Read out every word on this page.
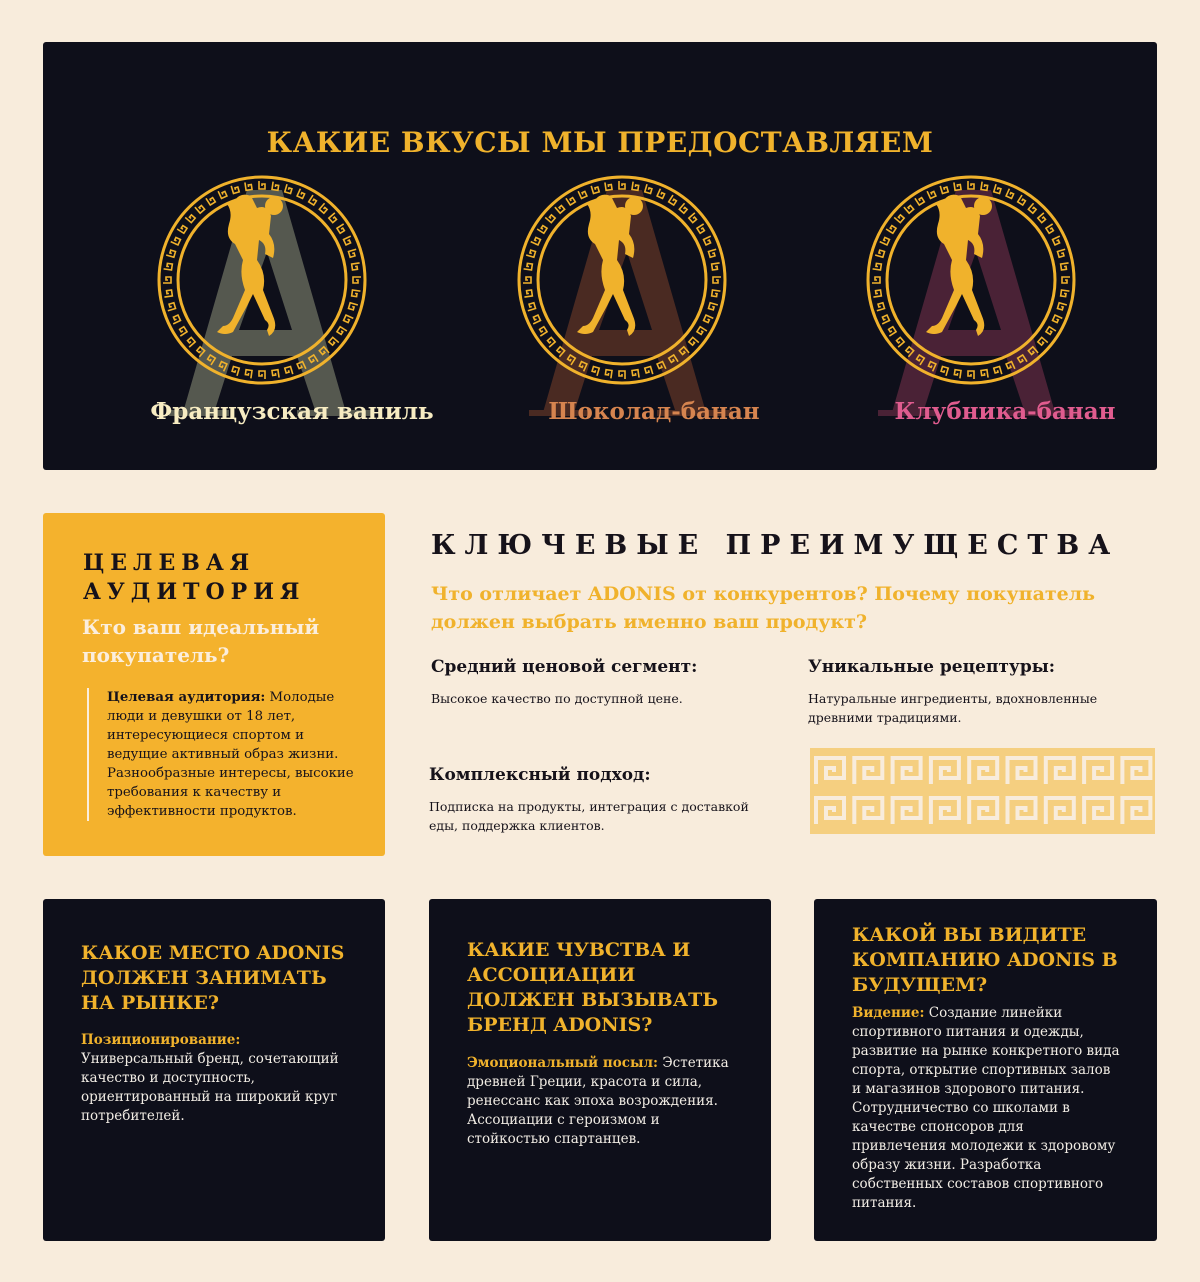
КАКИЕ ВКУСЫ МЫ ПРЕДОСТАВЛЯЕМ
Французская ваниль	Шоколад-банан	Клубника-банан
ЦЕЛЕВАЯ АУДИТОРИЯ
Кто ваш идеальный покупатель?
Целевая аудитория: Молодые люди и девушки от 18 лет, интересующиеся спортом и ведущие активный образ жизни. Разнообразные интересы, высокие требования к качеству и эффективности продуктов.
КЛЮЧЕВЫЕ ПРЕИМУЩЕСТВА
Что отличает ADONIS от конкурентов? Почему покупатель должен выбрать именно ваш продукт?
Средний ценовой сегмент:
Высокое качество по доступной цене.
Уникальные рецептуры:
Натуральные ингредиенты, вдохновленные древними традициями.
Комплексный подход:
Подписка на продукты, интеграция с доставкой еды, поддержка клиентов.
КАКОЕ МЕСТО ADONIS ДОЛЖЕН ЗАНИМАТЬ НА РЫНКЕ?
Позиционирование:
Универсальный бренд, сочетающий качество и доступность, ориентированный на широкий круг потребителей.
КАКИЕ ЧУВСТВА И АССОЦИАЦИИ ДОЛЖЕН ВЫЗЫВАТЬ БРЕНД ADONIS?
Эмоциональный посыл: Эстетика древней Греции, красота и сила, ренессанс как эпоха возрождения. Ассоциации с героизмом и стойкостью спартанцев.
КАКОЙ ВЫ ВИДИТЕ КОМПАНИЮ ADONIS В БУДУЩЕМ?
Видение: Создание линейки спортивного питания и одежды, развитие на рынке конкретного вида спорта, открытие спортивных залов и магазинов здорового питания. Сотрудничество со школами в качестве спонсоров для привлечения молодежи к здоровому образу жизни. Разработка собственных составов спортивного питания.
